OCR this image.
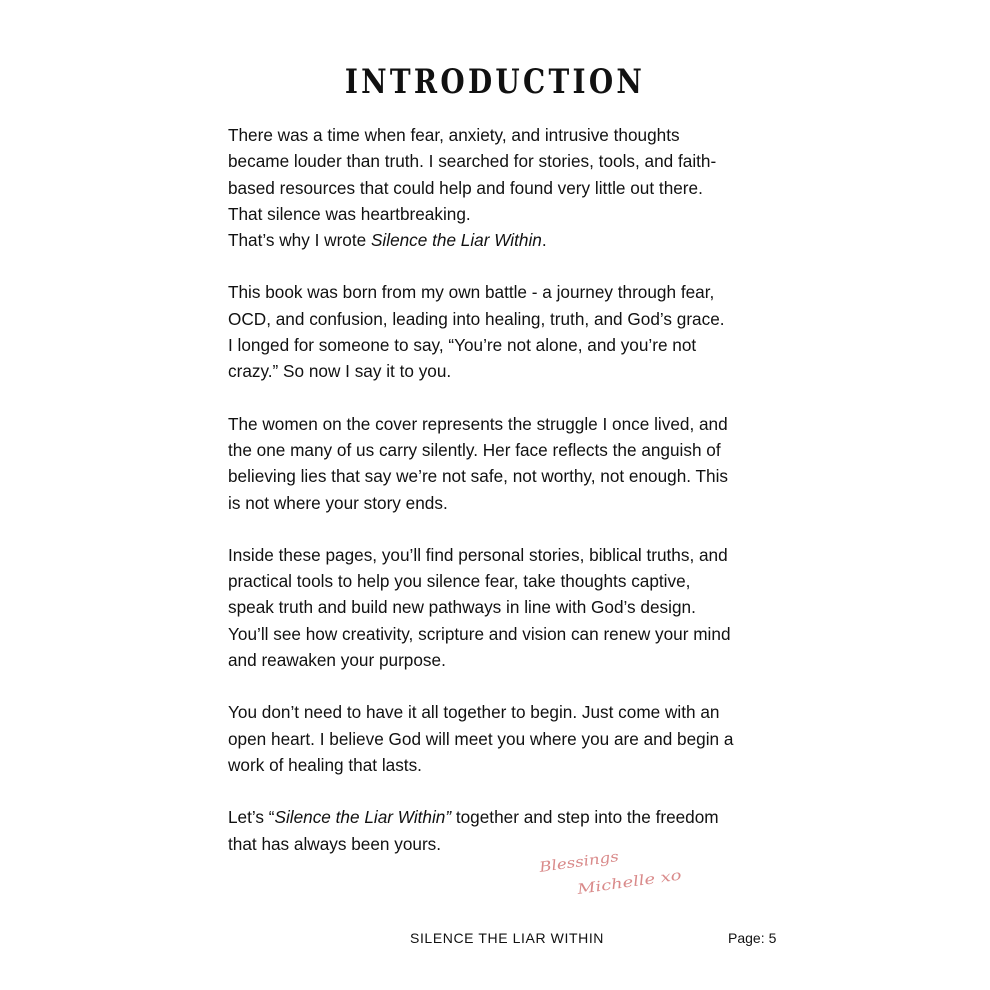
INTRODUCTION

There was a time when fear, anxiety, and intrusive thoughts
became louder than truth. I searched for stories, tools, and faith-
based resources that could help and found very little out there.
That silence was heartbreaking.
That’s why I wrote Silence the Liar Within.

This book was born from my own battle - a journey through fear,
OCD, and confusion, leading into healing, truth, and God’s grace.
I longed for someone to say, “You’re not alone, and you’re not
crazy.” So now I say it to you.

The women on the cover represents the struggle I once lived, and
the one many of us carry silently. Her face reflects the anguish of
believing lies that say we’re not safe, not worthy, not enough. This
is not where your story ends.

Inside these pages, you’ll find personal stories, biblical truths, and
practical tools to help you silence fear, take thoughts captive,
speak truth and build new pathways in line with God’s design.
You’ll see how creativity, scripture and vision can renew your mind
and reawaken your purpose.

You don’t need to have it all together to begin. Just come with an
open heart. I believe God will meet you where you are and begin a
work of healing that lasts.

Let’s “Silence the Liar Within” together and step into the freedom
that has always been yours.

Blessings
Michelle xo
SILENCE THE LIAR WITHIN	Page: 5
